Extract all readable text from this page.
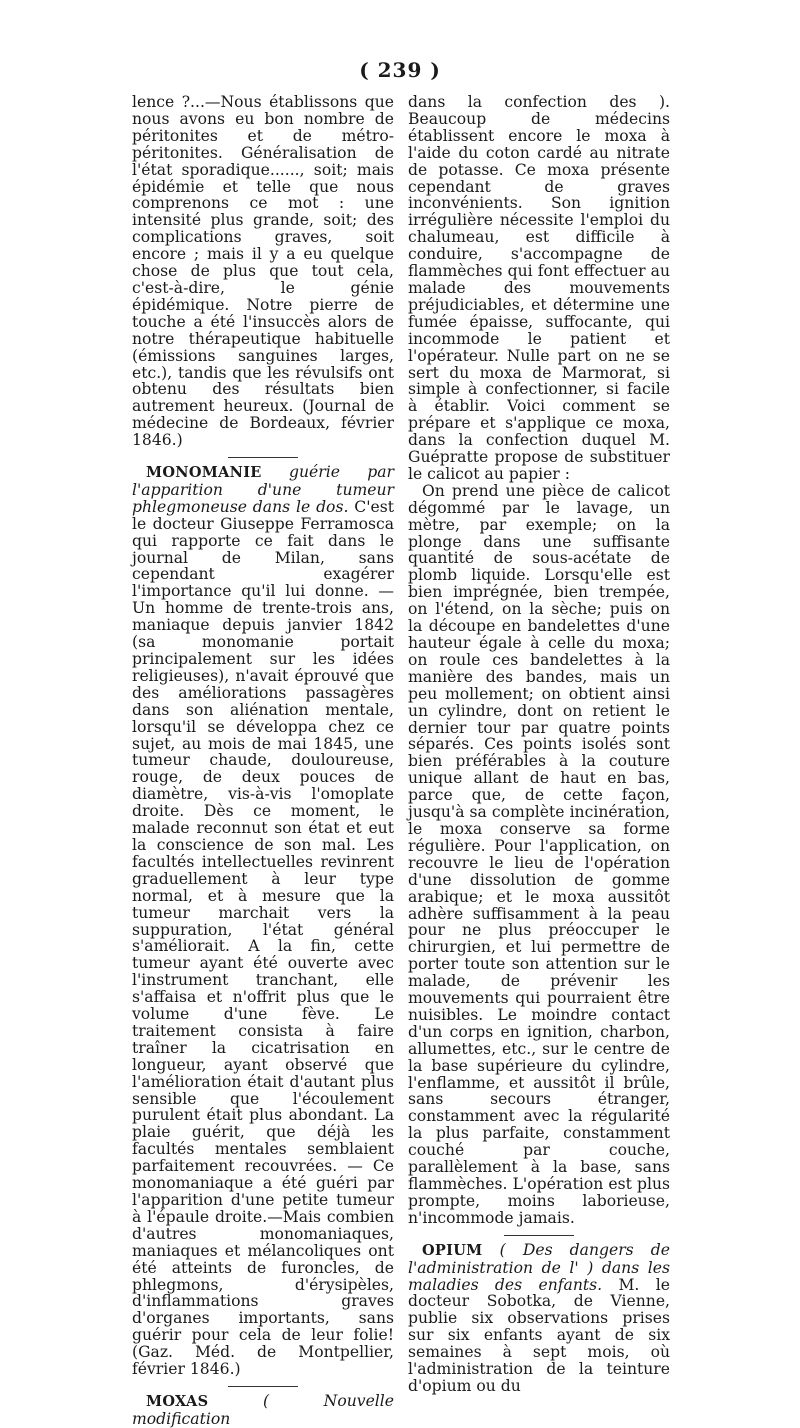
( 239 )

lence ?...—Nous établissons que nous avons eu bon nombre de péritonites et de métro-péritonites. Généralisation de l'état sporadique......, soit; mais épidémie et telle que nous comprenons ce mot : une intensité plus grande, soit; des complications graves, soit encore ; mais il y a eu quelque chose de plus que tout cela, c'est-à-dire, le génie épidémique. Notre pierre de touche a été l'insuccès alors de notre thérapeutique habituelle (émissions sanguines larges, etc.), tandis que les révulsifs ont obtenu des résultats bien autrement heureux. (Journal de médecine de Bordeaux, février 1846.)

MONOMANIE guérie par l'apparition d'une tumeur phlegmoneuse dans le dos. C'est le docteur Giuseppe Ferramosca qui rapporte ce fait dans le journal de Milan, sans cependant exagérer l'importance qu'il lui donne. — Un homme de trente-trois ans, maniaque depuis janvier 1842 (sa monomanie portait principalement sur les idées religieuses), n'avait éprouvé que des améliorations passagères dans son aliénation mentale, lorsqu'il se développa chez ce sujet, au mois de mai 1845, une tumeur chaude, douloureuse, rouge, de deux pouces de diamètre, vis-à-vis l'omoplate droite. Dès ce moment, le malade reconnut son état et eut la conscience de son mal. Les facultés intellectuelles revinrent graduellement à leur type normal, et à mesure que la tumeur marchait vers la suppuration, l'état général s'améliorait. A la fin, cette tumeur ayant été ouverte avec l'instrument tranchant, elle s'affaisa et n'offrit plus que le volume d'une fève. Le traitement consista à faire traîner la cicatrisation en longueur, ayant observé que l'amélioration était d'autant plus sensible que l'écoulement purulent était plus abondant. La plaie guérit, que déjà les facultés mentales semblaient parfaitement recouvrées. — Ce monomaniaque a été guéri par l'apparition d'une petite tumeur à l'épaule droite.—Mais combien d'autres monomaniaques, maniaques et mélancoliques ont été atteints de furoncles, de phlegmons, d'érysipèles, d'inflammations graves d'organes importants, sans guérir pour cela de leur folie! (Gaz. Méd. de Montpellier, février 1846.)

MOXAS	( Nouvelle modification

dans la confection des ). Beaucoup de médecins établissent encore le moxa à l'aide du coton cardé au nitrate de potasse. Ce moxa présente cependant de graves inconvénients. Son ignition irrégulière nécessite l'emploi du chalumeau, est difficile à conduire, s'accompagne de flammèches qui font effectuer au malade des mouvements préjudiciables, et détermine une fumée épaisse, suffocante, qui incommode le patient et l'opérateur. Nulle part on ne se sert du moxa de Marmorat, si simple à confectionner, si facile à établir. Voici comment se prépare et s'applique ce moxa, dans la confection duquel M. Guépratte propose de substituer le calicot au papier :

On prend une pièce de calicot dégommé par le lavage, un mètre, par exemple; on la plonge dans une suffisante quantité de sous-acétate de plomb liquide. Lorsqu'elle est bien imprégnée, bien trempée, on l'étend, on la sèche; puis on la découpe en bandelettes d'une hauteur égale à celle du moxa; on roule ces bandelettes à la manière des bandes, mais un peu mollement; on obtient ainsi un cylindre, dont on retient le dernier tour par quatre points séparés. Ces points isolés sont bien préférables à la couture unique allant de haut en bas, parce que, de cette façon, jusqu'à sa complète incinération, le moxa conserve sa forme régulière. Pour l'application, on recouvre le lieu de l'opération d'une dissolution de gomme arabique; et le moxa aussitôt adhère suffisamment à la peau pour ne plus préoccuper le chirurgien, et lui permettre de porter toute son attention sur le malade, de prévenir les mouvements qui pourraient être nuisibles. Le moindre contact d'un corps en ignition, charbon, allumettes, etc., sur le centre de la base supérieure du cylindre, l'enflamme, et aussitôt il brûle, sans secours étranger, constamment avec la régularité la plus parfaite, constamment couché par couche, parallèlement à la base, sans flammèches. L'opération est plus prompte, moins laborieuse, n'incommode jamais.

OPIUM ( Des dangers de l'administration de l' ) dans les maladies des enfants. M. le docteur Sobotka, de Vienne, publie six observations prises sur six enfants ayant de six semaines à sept mois, où l'administration de la teinture d'opium ou du
